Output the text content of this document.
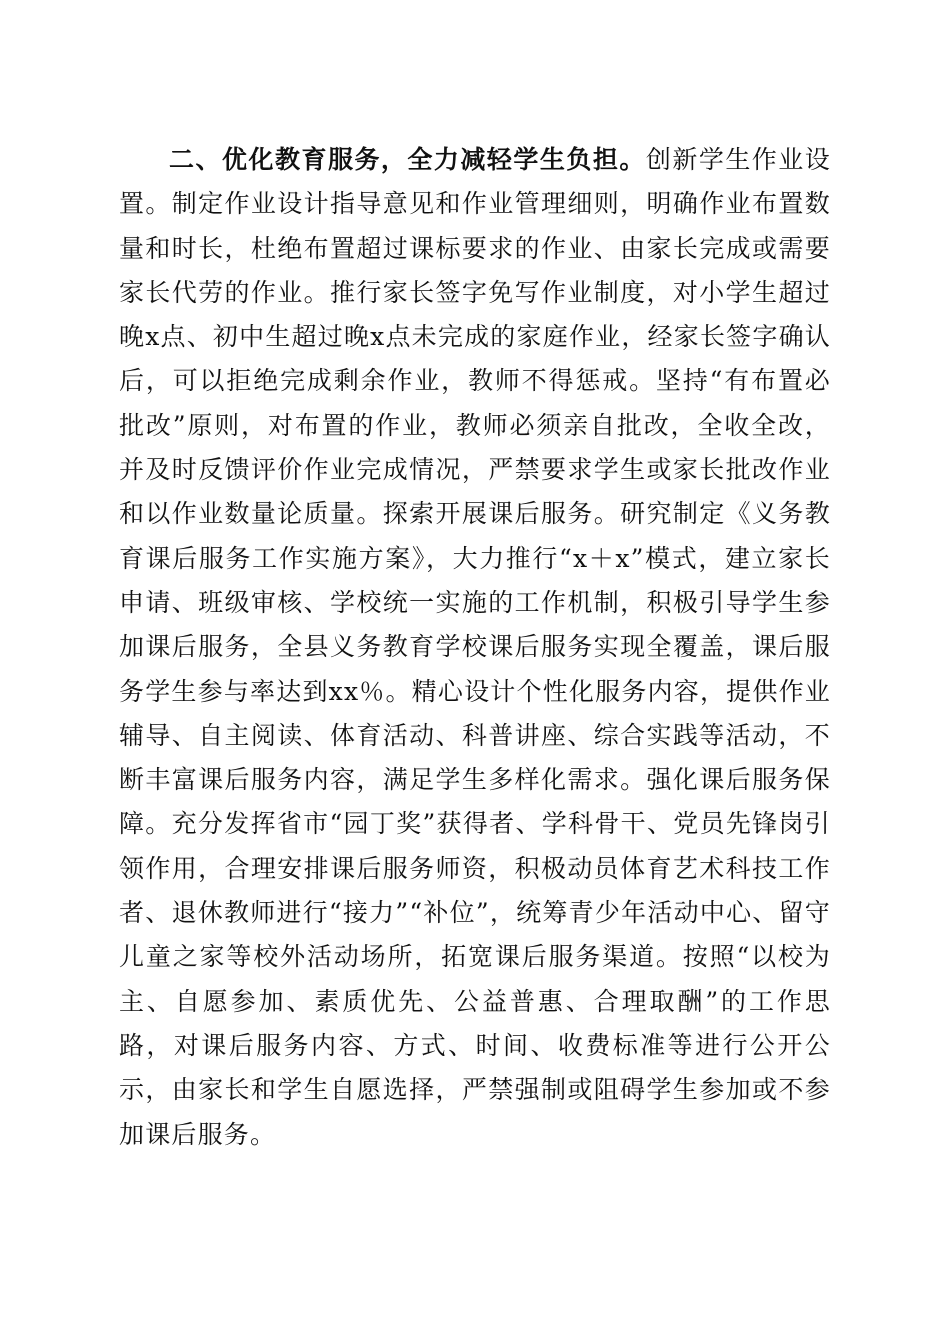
二、优化教育服务，全力减轻学生负担。创新学生作业设置。制定作业设计指导意见和作业管理细则，明确作业布置数量和时长，杜绝布置超过课标要求的作业、由家长完成或需要家长代劳的作业。推行家长签字免写作业制度，对小学生超过晚x点、初中生超过晚x点未完成的家庭作业，经家长签字确认后，可以拒绝完成剩余作业，教师不得惩戒。坚持“有布置必批改”原则，对布置的作业，教师必须亲自批改，全收全改，并及时反馈评价作业完成情况，严禁要求学生或家长批改作业和以作业数量论质量。探索开展课后服务。研究制定《义务教育课后服务工作实施方案》，大力推行“x＋x”模式，建立家长申请、班级审核、学校统一实施的工作机制，积极引导学生参加课后服务，全县义务教育学校课后服务实现全覆盖，课后服务学生参与率达到xx％。精心设计个性化服务内容，提供作业辅导、自主阅读、体育活动、科普讲座、综合实践等活动，不断丰富课后服务内容，满足学生多样化需求。强化课后服务保障。充分发挥省市“园丁奖”获得者、学科骨干、党员先锋岗引领作用，合理安排课后服务师资，积极动员体育艺术科技工作者、退休教师进行“接力”“补位”，统筹青少年活动中心、留守儿童之家等校外活动场所，拓宽课后服务渠道。按照“以校为主、自愿参加、素质优先、公益普惠、合理取酬”的工作思路，对课后服务内容、方式、时间、收费标准等进行公开公示，由家长和学生自愿选择，严禁强制或阻碍学生参加或不参加课后服务。
